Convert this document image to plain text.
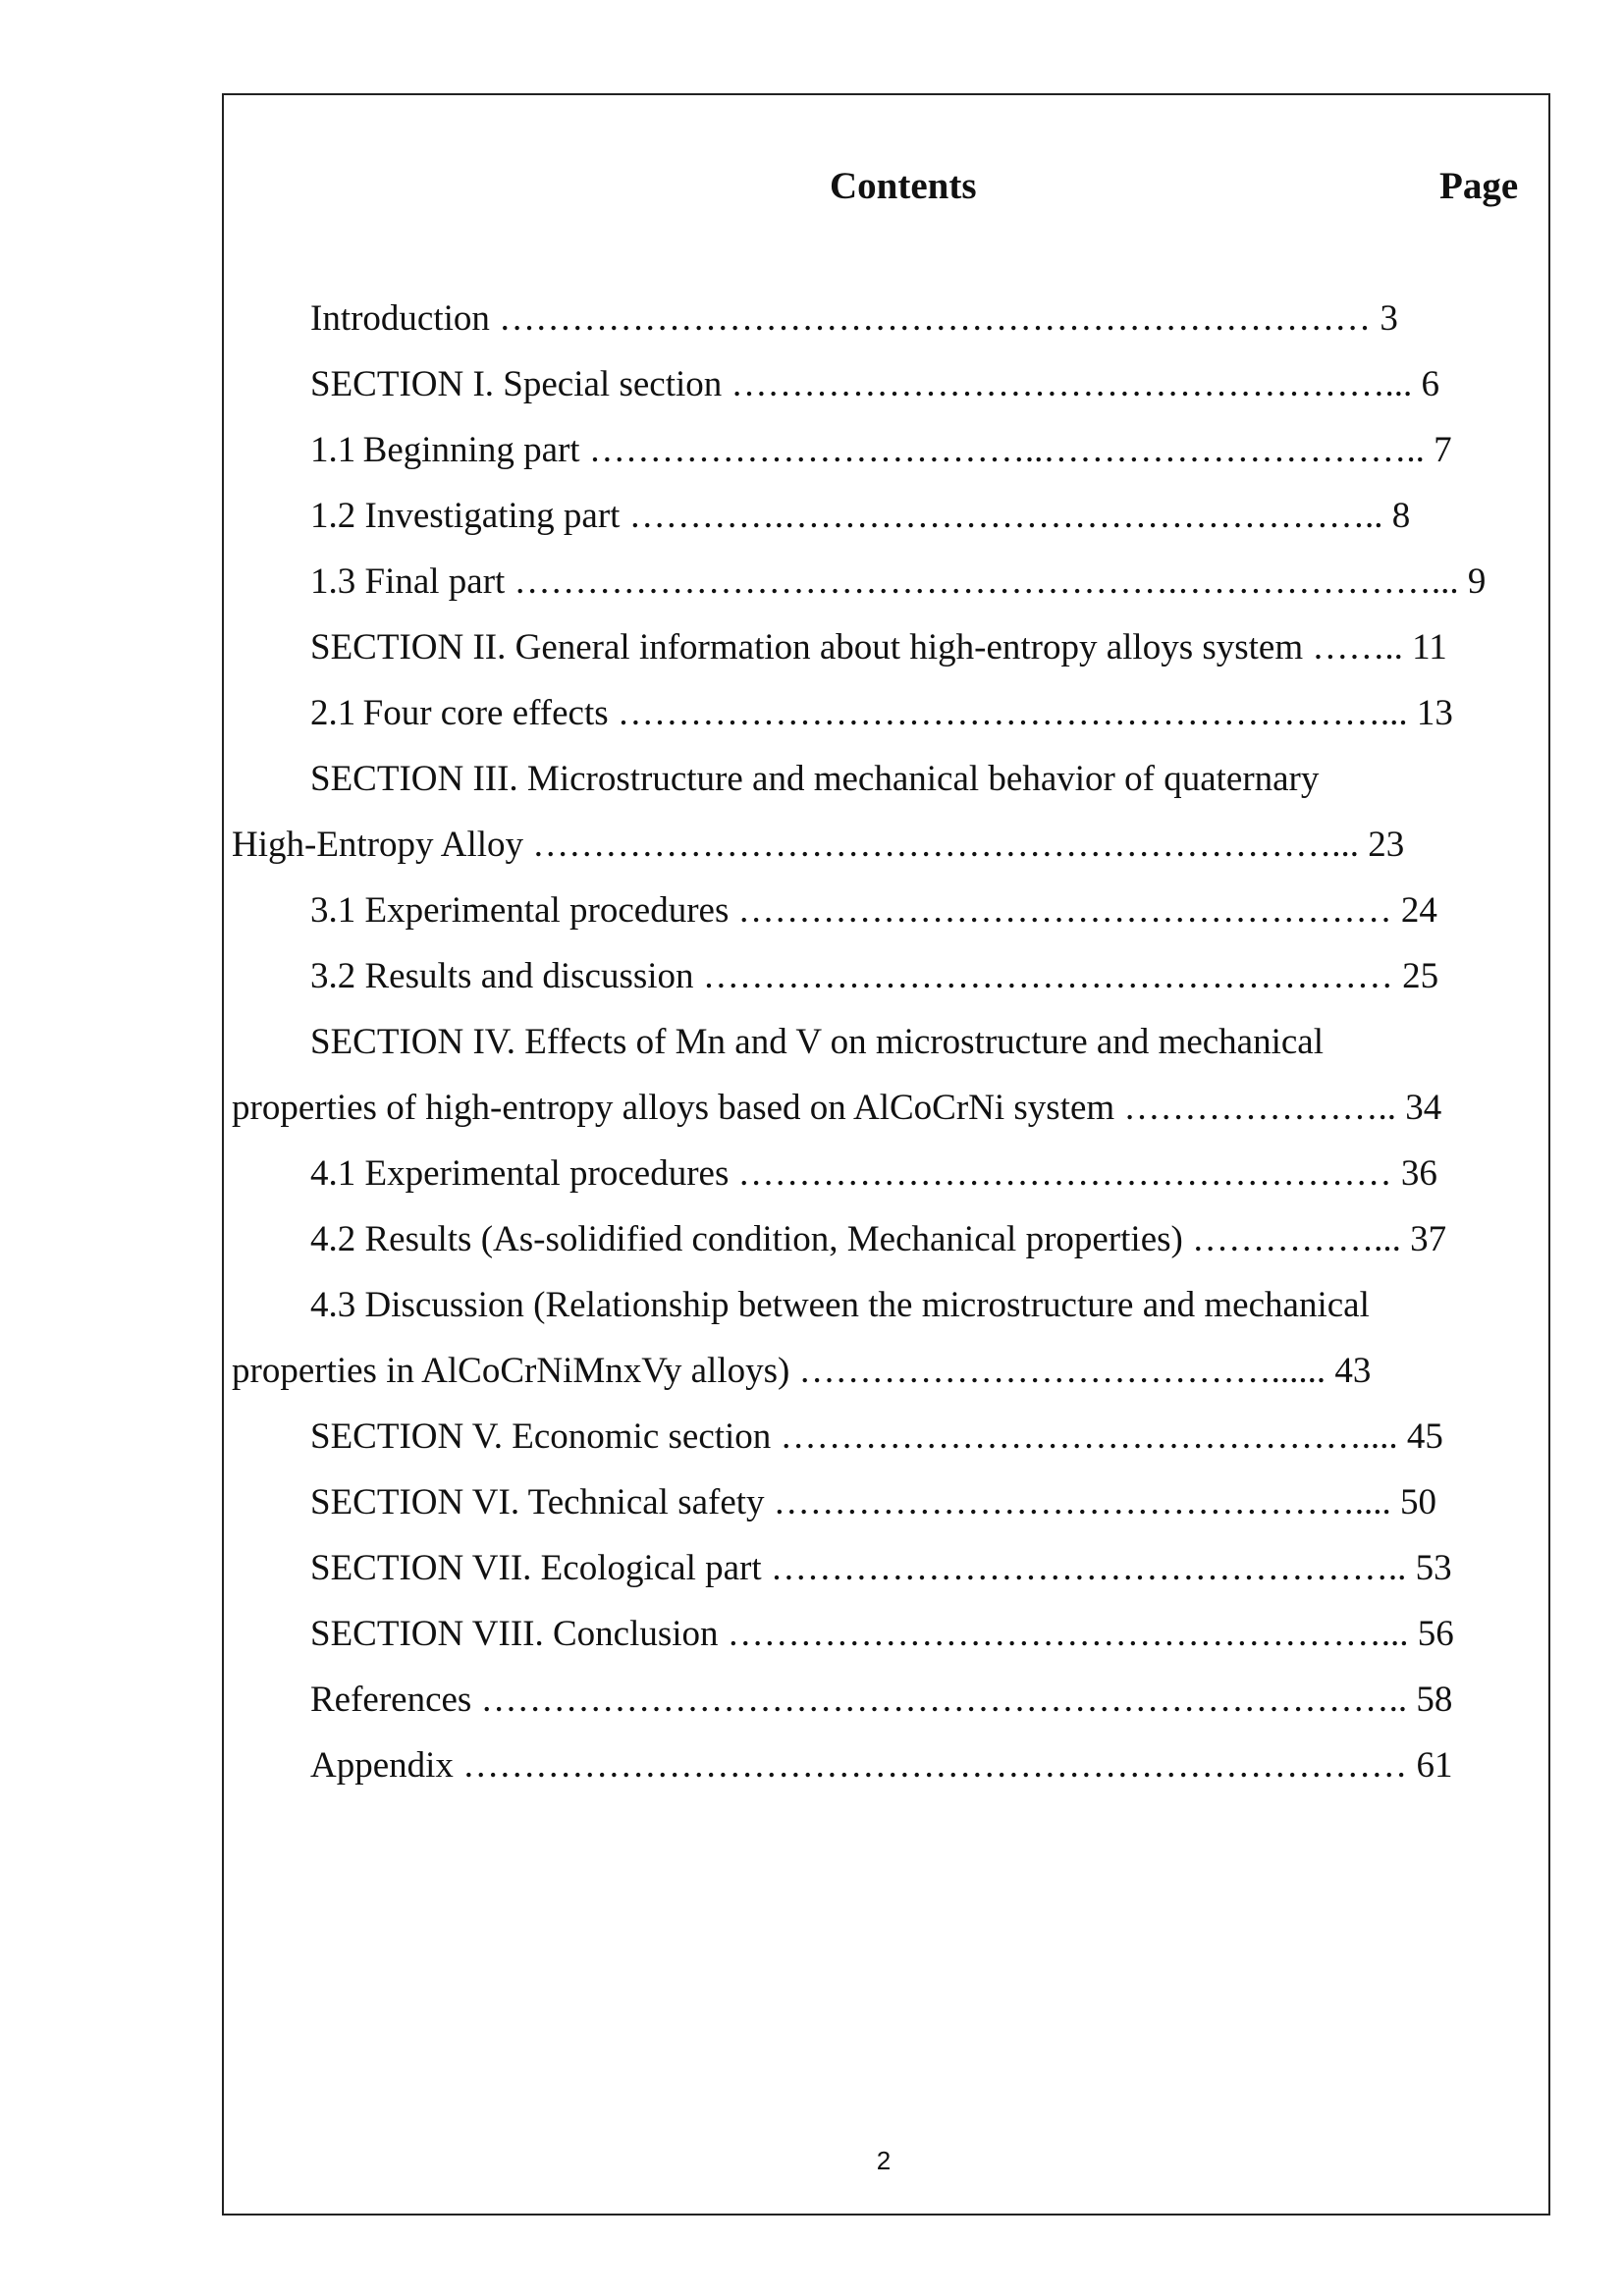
Contents	Page
Introduction ……………………………………………………………… 3
SECTION I. Special section ………………………………………………... 6
1.1 Beginning part ………………………………..………………………….. 7
1.2 Investigating part ………….………………………………………….. 8
1.3 Final part ……………………………………………….…………………... 9
SECTION II. General information about high-entropy alloys system …….. 11
2.1 Four core effects ………………………………………………………... 13
SECTION III. Microstructure and mechanical behavior of quaternary
High-Entropy Alloy …………………………………………………………... 23
3.1 Experimental procedures ……………………………………………… 24
3.2 Results and discussion ………………………………………………… 25
SECTION IV. Effects of Mn and V on microstructure and mechanical
properties of high-entropy alloys based on AlCoCrNi system ………………….. 34
4.1 Experimental procedures ……………………………………………… 36
4.2 Results (As-solidified condition, Mechanical properties) ……………... 37
4.3 Discussion (Relationship between the microstructure and mechanical
properties in AlCoCrNiMnxVy alloys) …………………………………...... 43
SECTION V. Economic section ………………………………………….... 45
SECTION VI. Technical safety ………………………………………….... 50
SECTION VII. Ecological part …………………………………………….. 53
SECTION VIII. Conclusion ………………………………………………... 56
References ………………………………………………………………….. 58
Appendix …………………………………………………………………… 61
2
